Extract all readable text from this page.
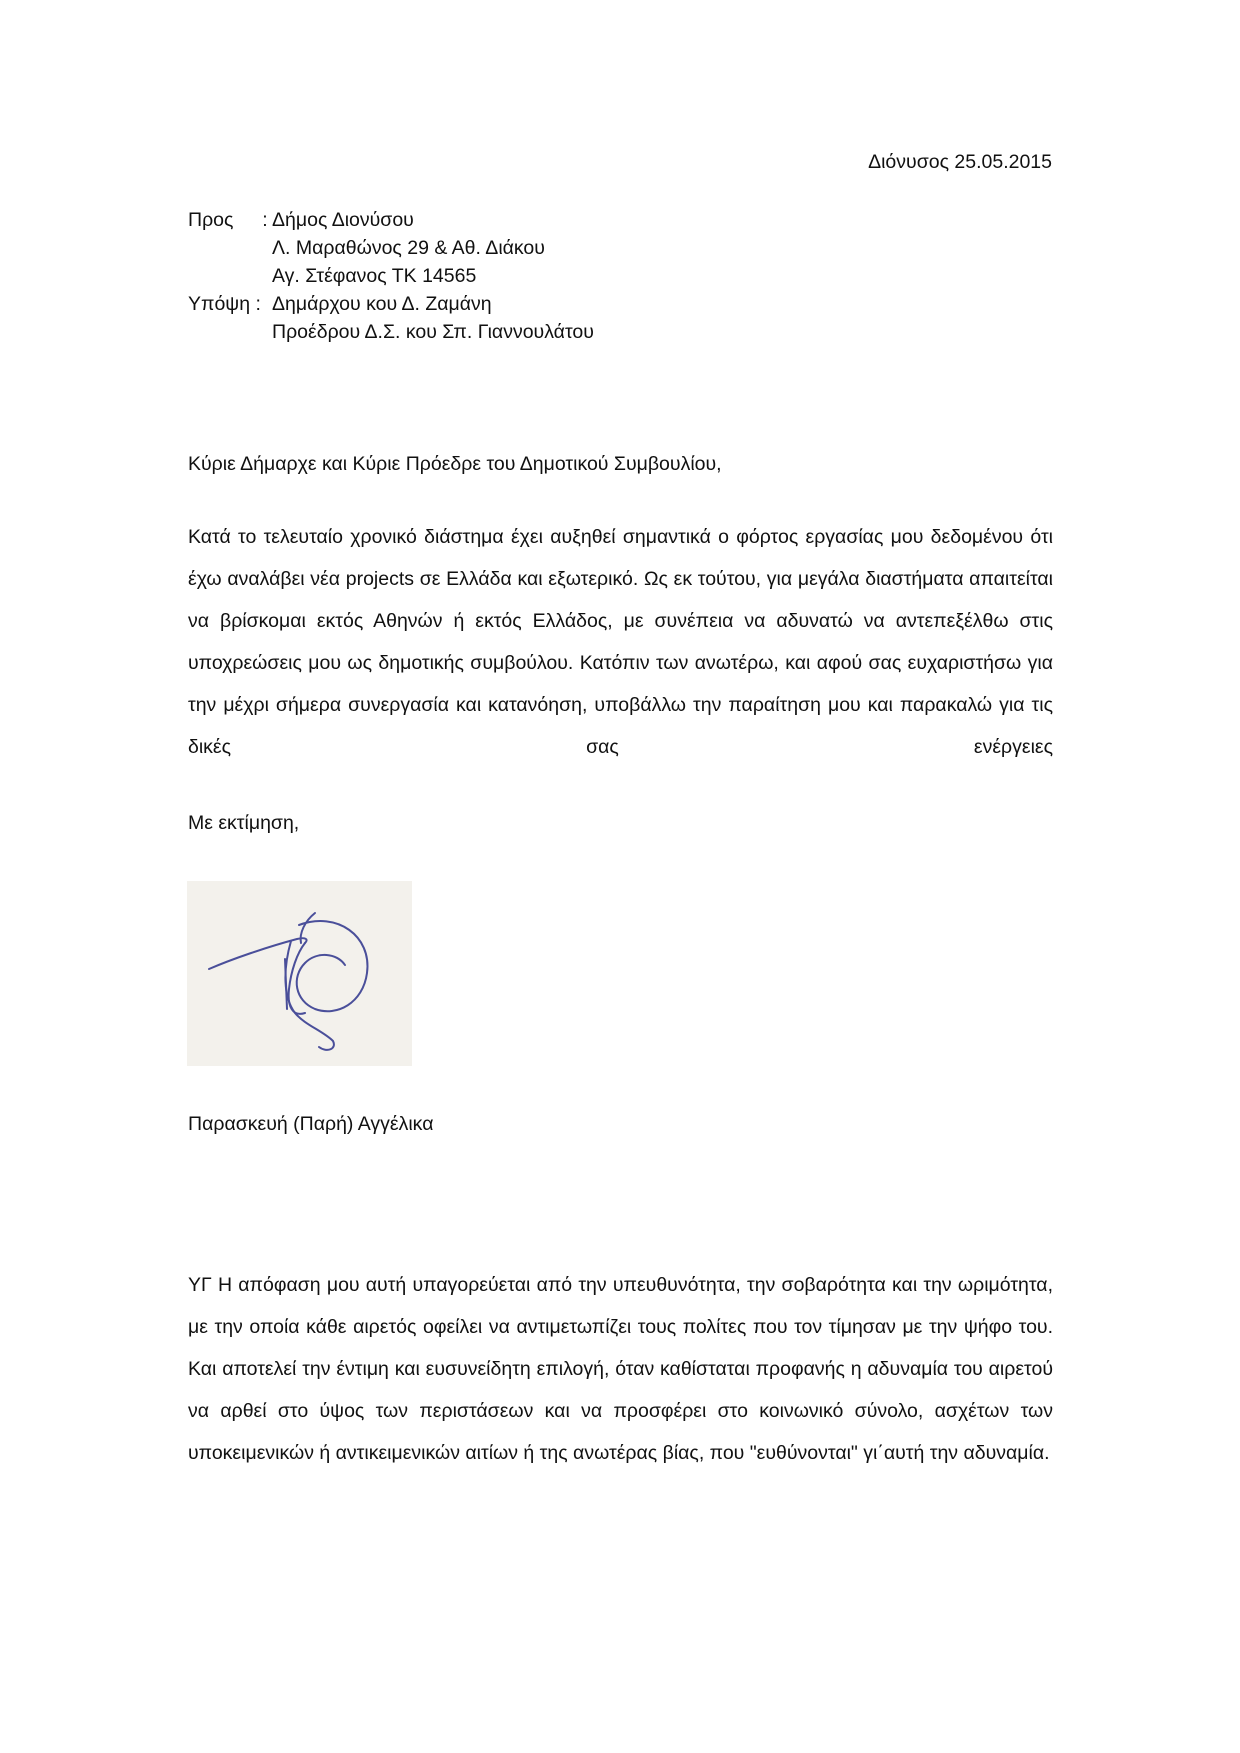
Διόνυσος 25.05.2015
Προς : Δήμος Διονύσου
Λ. Μαραθώνος 29 & Αθ. Διάκου
Αγ. Στέφανος ΤΚ 14565
Υπόψη : Δημάρχου κου Δ. Ζαμάνη
Προέδρου Δ.Σ. κου Σπ. Γιαννουλάτου
Κύριε Δήμαρχε και Κύριε Πρόεδρε του Δημοτικού Συμβουλίου,
Κατά το τελευταίο χρονικό διάστημα έχει αυξηθεί σημαντικά ο φόρτος εργασίας μου δεδομένου ότι έχω αναλάβει νέα projects σε Ελλάδα και εξωτερικό. Ως εκ τούτου, για μεγάλα διαστήματα απαιτείται να βρίσκομαι εκτός Αθηνών ή εκτός Ελλάδος, με συνέπεια να αδυνατώ να αντεπεξέλθω στις υποχρεώσεις μου ως δημοτικής συμβούλου. Κατόπιν των ανωτέρω, και αφού σας ευχαριστήσω για την μέχρι σήμερα συνεργασία και κατανόηση, υποβάλλω την παραίτηση μου και παρακαλώ για τις δικές σας ενέργειες
Με εκτίμηση,
Παρασκευή (Παρή) Αγγέλικα
ΥΓ Η απόφαση μου αυτή υπαγορεύεται από την υπευθυνότητα, την σοβαρότητα και την ωριμότητα, με την οποία κάθε αιρετός οφείλει να αντιμετωπίζει τους πολίτες που τον τίμησαν με την ψήφο του. Και αποτελεί την έντιμη και ευσυνείδητη επιλογή, όταν καθίσταται προφανής η αδυναμία του αιρετού να αρθεί στο ύψος των περιστάσεων και να προσφέρει στο κοινωνικό σύνολο, ασχέτων των υποκειμενικών ή αντικειμενικών αιτίων ή της ανωτέρας βίας, που "ευθύνονται" γι΄αυτή την αδυναμία.
